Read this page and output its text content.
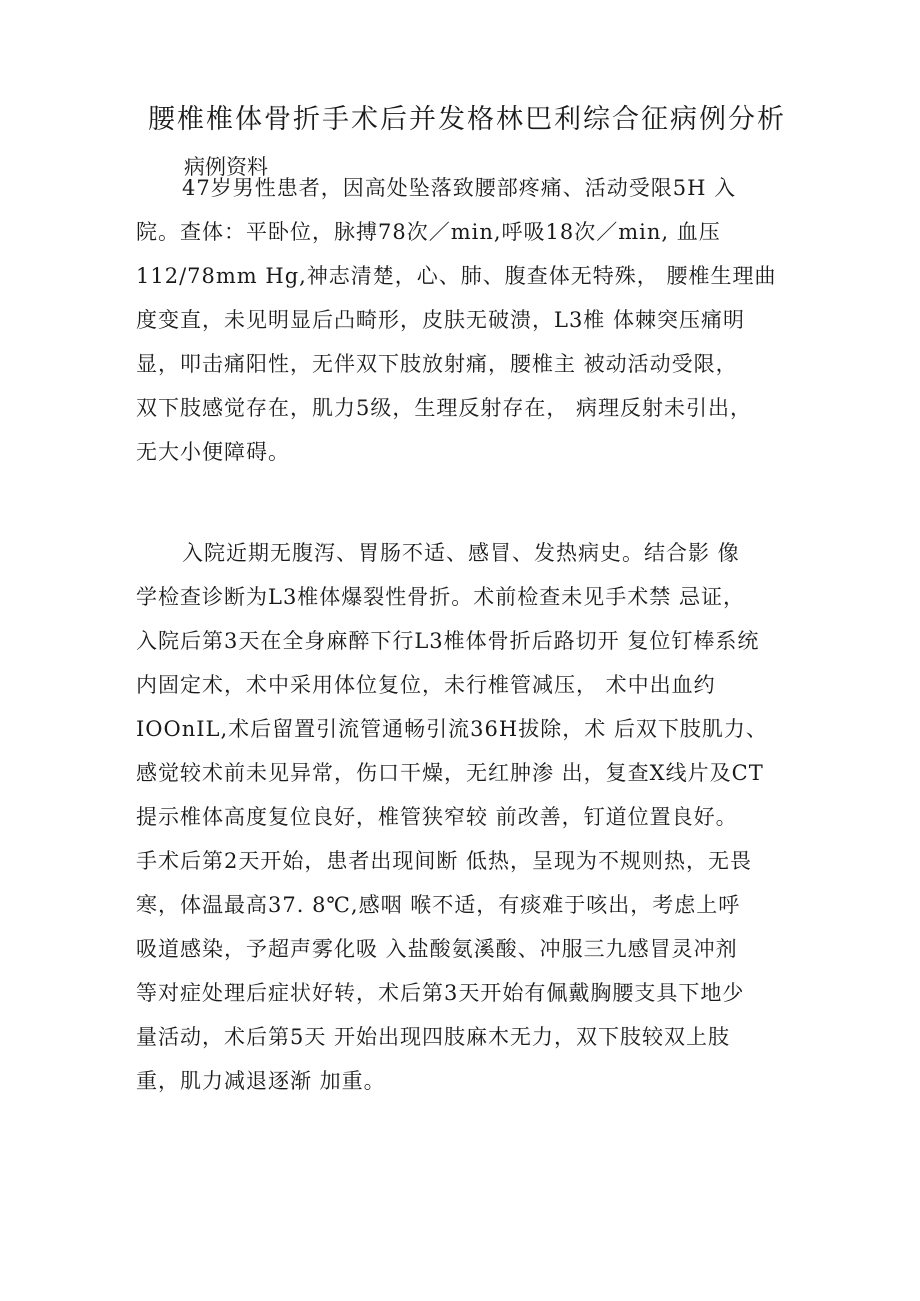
腰椎椎体骨折手术后并发格林巴利综合征病例分析
病例资料
47岁男性患者，因高处坠落致腰部疼痛、活动受限5H 入
院。查体：平卧位，脉搏78次／min,呼吸18次／min, 血压
112/78mm Hg,神志清楚，心、肺、腹查体无特殊， 腰椎生理曲
度变直，未见明显后凸畸形，皮肤无破溃，L3椎 体棘突压痛明
显，叩击痛阳性，无伴双下肢放射痛，腰椎主 被动活动受限，
双下肢感觉存在，肌力5级，生理反射存在， 病理反射未引出，
无大小便障碍。
入院近期无腹泻、胃肠不适、感冒、发热病史。结合影 像
学检查诊断为L3椎体爆裂性骨折。术前检查未见手术禁 忌证，
入院后第3天在全身麻醉下行L3椎体骨折后路切开 复位钉棒系统
内固定术，术中采用体位复位，未行椎管减压， 术中出血约
IOOnIL,术后留置引流管通畅引流36H拔除，术 后双下肢肌力、
感觉较术前未见异常，伤口干燥，无红肿渗 出，复查X线片及CT
提示椎体高度复位良好，椎管狭窄较 前改善，钉道位置良好。
手术后第2天开始，患者出现间断 低热，呈现为不规则热，无畏
寒，体温最高37. 8℃,感咽 喉不适，有痰难于咳出，考虑上呼
吸道感染，予超声雾化吸 入盐酸氨溪酸、冲服三九感冒灵冲剂
等对症处理后症状好转，术后第3天开始有佩戴胸腰支具下地少
量活动，术后第5天 开始出现四肢麻木无力，双下肢较双上肢
重，肌力减退逐渐 加重。
